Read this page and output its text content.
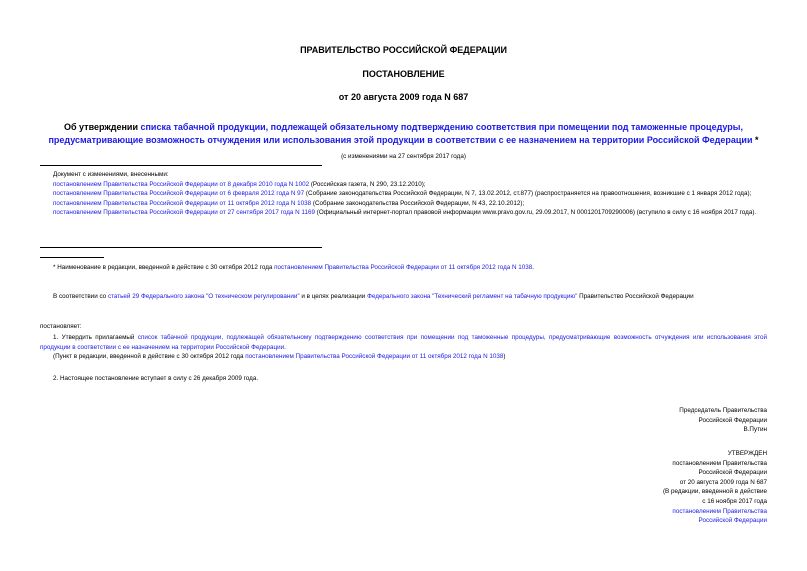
ПРАВИТЕЛЬСТВО РОССИЙСКОЙ ФЕДЕРАЦИИ
ПОСТАНОВЛЕНИЕ
от 20 августа 2009 года N 687
Об утверждении списка табачной продукции, подлежащей обязательному подтверждению соответствия при помещении под таможенные процедуры, предусматривающие возможность отчуждения или использования этой продукции в соответствии с ее назначением на территории Российской Федерации *
(с изменениями на 27 сентября 2017 года)
Документ с изменениями, внесенными:
постановлением Правительства Российской Федерации от 8 декабря 2010 года N 1002 (Российская газета, N 290, 23.12.2010);
постановлением Правительства Российской Федерации от 6 февраля 2012 года N 97 (Собрание законодательства Российской Федерации, N 7, 13.02.2012, ст.877) (распространяется на правоотношения, возникшие с 1 января 2012 года);
постановлением Правительства Российской Федерации от 11 октября 2012 года N 1038 (Собрание законодательства Российской Федерации, N 43, 22.10.2012);
постановлением Правительства Российской Федерации от 27 сентября 2017 года N 1169 (Официальный интернет-портал правовой информации www.pravo.gov.ru, 29.09.2017, N 0001201709290006) (вступило в силу с 16 ноября 2017 года).
* Наименование в редакции, введенной в действие с 30 октября 2012 года постановлением Правительства Российской Федерации от 11 октября 2012 года N 1038.
В соответствии со статьей 29 Федерального закона "О техническом регулировании" и в целях реализации Федерального закона "Технический регламент на табачную продукцию" Правительство Российской Федерации
постановляет:
1. Утвердить прилагаемый список табачной продукции, подлежащей обязательному подтверждению соответствия при помещении под таможенные процедуры, предусматривающие возможность отчуждения или использования этой продукции в соответствии с ее назначением на территории Российской Федерации.
(Пункт в редакции, введенной в действие с 30 октября 2012 года постановлением Правительства Российской Федерации от 11 октября 2012 года N 1038)
2. Настоящее постановление вступает в силу с 26 декабря 2009 года.
Председатель Правительства
Российской Федерации
В.Путин
УТВЕРЖДЕН
постановлением Правительства
Российской Федерации
от 20 августа 2009 года N 687
(В редакции, введенной в действие
с 16 ноября 2017 года
постановлением Правительства
Российской Федерации
